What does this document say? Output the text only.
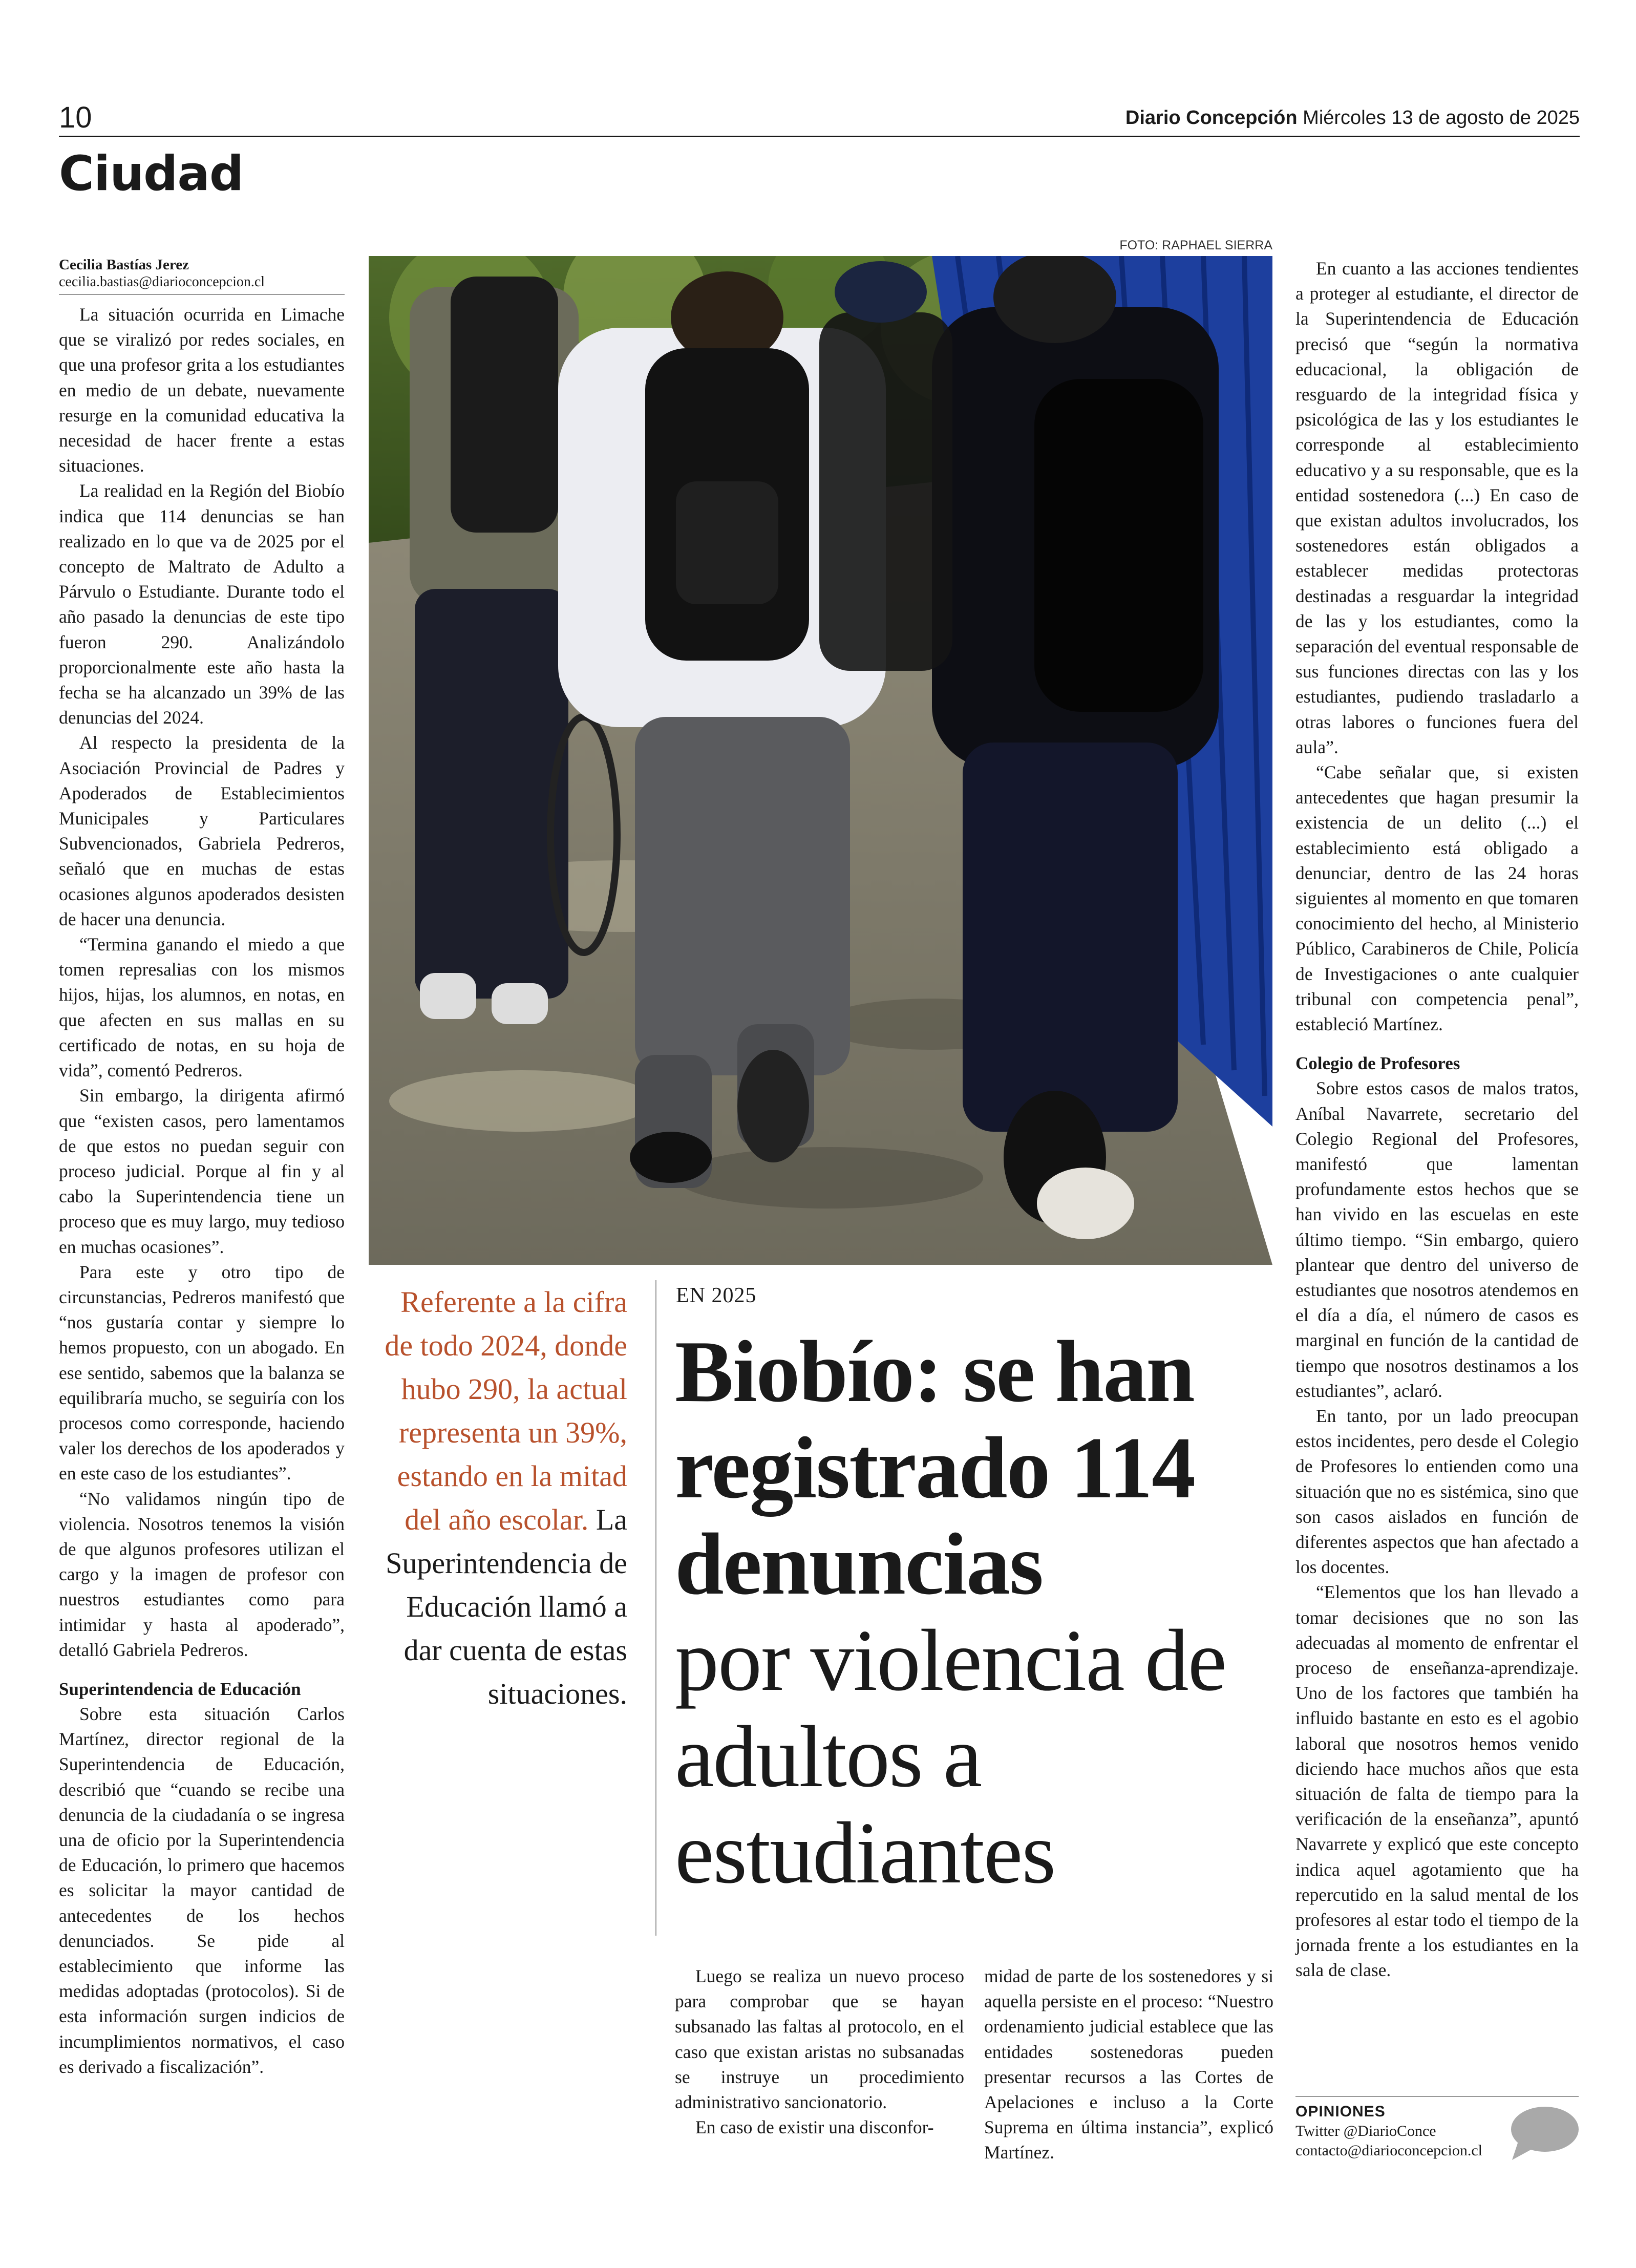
10	Diario Concepción Miércoles 13 de agosto de 2025
Ciudad
Cecilia Bastías Jerez
cecilia.bastias@diarioconcepcion.cl

La situación ocurrida en Limache que se viralizó por redes sociales, en que una profesor grita a los estudiantes en medio de un debate, nuevamente resurge en la comunidad educativa la necesidad de hacer frente a estas situaciones.

La realidad en la Región del Biobío indica que 114 denuncias se han realizado en lo que va de 2025 por el concepto de Maltrato de Adulto a Párvulo o Estudiante. Durante todo el año pasado la denuncias de este tipo fueron 290. Analizándolo proporcionalmente este año hasta la fecha se ha alcanzado un 39% de las denuncias del 2024.

Al respecto la presidenta de la Asociación Provincial de Padres y Apoderados de Establecimientos Municipales y Particulares Subvencionados, Gabriela Pedreros, señaló que en muchas de estas ocasiones algunos apoderados desisten de hacer una denuncia.

“Termina ganando el miedo a que tomen represalias con los mismos hijos, hijas, los alumnos, en notas, en que afecten en sus mallas en su certificado de notas, en su hoja de vida”, comentó Pedreros.

Sin embargo, la dirigenta afirmó que “existen casos, pero lamentamos de que estos no puedan seguir con proceso judicial. Porque al fin y al cabo la Superintendencia tiene un proceso que es muy largo, muy tedioso en muchas ocasiones”.

Para este y otro tipo de circunstancias, Pedreros manifestó que “nos gustaría contar y siempre lo hemos propuesto, con un abogado. En ese sentido, sabemos que la balanza se equilibraría mucho, se seguiría con los procesos como corresponde, haciendo valer los derechos de los apoderados y en este caso de los estudiantes”.

“No validamos ningún tipo de violencia. Nosotros tenemos la visión de que algunos profesores utilizan el cargo y la imagen de profesor con nuestros estudiantes como para intimidar y hasta al apoderado”, detalló Gabriela Pedreros.

Superintendencia de Educación

Sobre esta situación Carlos Martínez, director regional de la Superintendencia de Educación, describió que “cuando se recibe una denuncia de la ciudadanía o se ingresa una de oficio por la Superintendencia de Educación, lo primero que hacemos es solicitar la mayor cantidad de antecedentes de los hechos denunciados. Se pide al establecimiento que informe las medidas adoptadas (protocolos). Si de esta información surgen indicios de incumplimientos normativos, el caso es derivado a fiscalización”.

FOTO: RAPHAEL SIERRA
Referente a la cifra de todo 2024, donde hubo 290, la actual representa un 39%, estando en la mitad del año escolar. La Superintendencia de Educación llamó a dar cuenta de estas situaciones.
EN 2025
Biobío: se han registrado 114 denuncias
por violencia de adultos a estudiantes

Luego se realiza un nuevo proceso para comprobar que se hayan subsanado las faltas al protocolo, en el caso que existan aristas no subsanadas se instruye un procedimiento administrativo sancionatorio.

En caso de existir una disconfor-

midad de parte de los sostenedores y si aquella persiste en el proceso: “Nuestro ordenamiento judicial establece que las entidades sostenedoras pueden presentar recursos a las Cortes de Apelaciones e incluso a la Corte Suprema en última instancia”, explicó Martínez.

En cuanto a las acciones tendientes a proteger al estudiante, el director de la Superintendencia de Educación precisó que “según la normativa educacional, la obligación de resguardo de la integridad física y psicológica de las y los estudiantes le corresponde al establecimiento educativo y a su responsable, que es la entidad sostenedora (...) En caso de que existan adultos involucrados, los sostenedores están obligados a establecer medidas protectoras destinadas a resguardar la integridad de las y los estudiantes, como la separación del eventual responsable de sus funciones directas con las y los estudiantes, pudiendo trasladarlo a otras labores o funciones fuera del aula”.

“Cabe señalar que, si existen antecedentes que hagan presumir la existencia de un delito (...) el establecimiento está obligado a denunciar, dentro de las 24 horas siguientes al momento en que tomaren conocimiento del hecho, al Ministerio Público, Carabineros de Chile, Policía de Investigaciones o ante cualquier tribunal con competencia penal”, estableció Martínez.

Colegio de Profesores

Sobre estos casos de malos tratos, Aníbal Navarrete, secretario del Colegio Regional del Profesores, manifestó que lamentan profundamente estos hechos que se han vivido en las escuelas en este último tiempo. “Sin embargo, quiero plantear que dentro del universo de estudiantes que nosotros atendemos en el día a día, el número de casos es marginal en función de la cantidad de tiempo que nosotros destinamos a los estudiantes”, aclaró.

En tanto, por un lado preocupan estos incidentes, pero desde el Colegio de Profesores lo entienden como una situación que no es sistémica, sino que son casos aislados en función de diferentes aspectos que han afectado a los docentes.

“Elementos que los han llevado a tomar decisiones que no son las adecuadas al momento de enfrentar el proceso de enseñanza-aprendizaje. Uno de los factores que también ha influido bastante en esto es el agobio laboral que nosotros hemos venido diciendo hace muchos años que esta situación de falta de tiempo para la verificación de la enseñanza”, apuntó Navarrete y explicó que este concepto indica aquel agotamiento que ha repercutido en la salud mental de los profesores al estar todo el tiempo de la jornada frente a los estudiantes en la sala de clase.

OPINIONES
Twitter @DiarioConce
contacto@diarioconcepcion.cl
